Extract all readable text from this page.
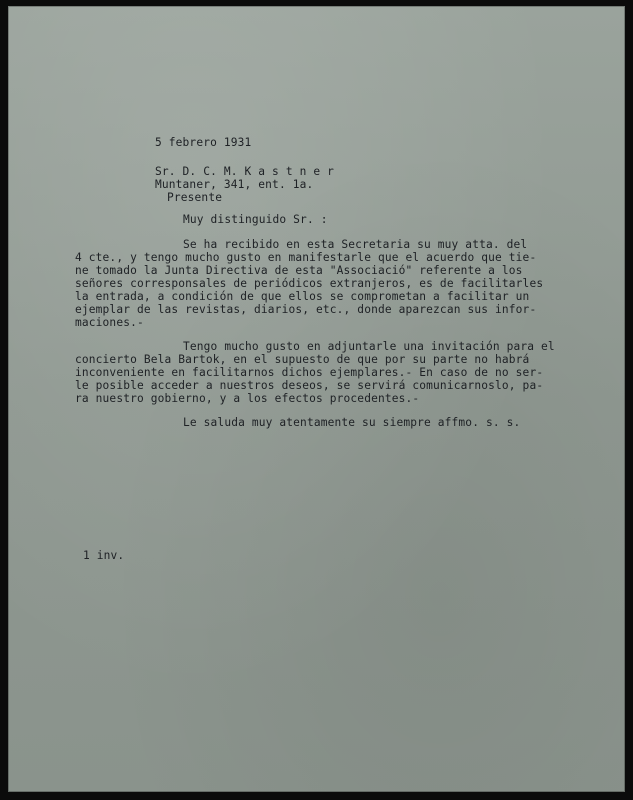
5 febrero 1931
Sr. D. C. M. K a s t n e r
Muntaner, 341, ent. 1a.
Presente
Muy distinguido Sr. :
Se ha recibido en esta Secretaria su muy atta. del
4 cte., y tengo mucho gusto en manifestarle que el acuerdo que tie-
ne tomado la Junta Directiva de esta "Associació" referente a los
señores corresponsales de periódicos extranjeros, es de facilitarles
la entrada, a condición de que ellos se comprometan a facilitar un
ejemplar de las revistas, diarios, etc., donde aparezcan sus infor-
maciones.-
Tengo mucho gusto en adjuntarle una invitación para el
concierto Bela Bartok, en el supuesto de que por su parte no habrá
inconveniente en facilitarnos dichos ejemplares.- En caso de no ser-
le posible acceder a nuestros deseos, se servirá comunicarnoslo, pa-
ra nuestro gobierno, y a los efectos procedentes.-
Le saluda muy atentamente su siempre affmo. s. s.
1 inv.
